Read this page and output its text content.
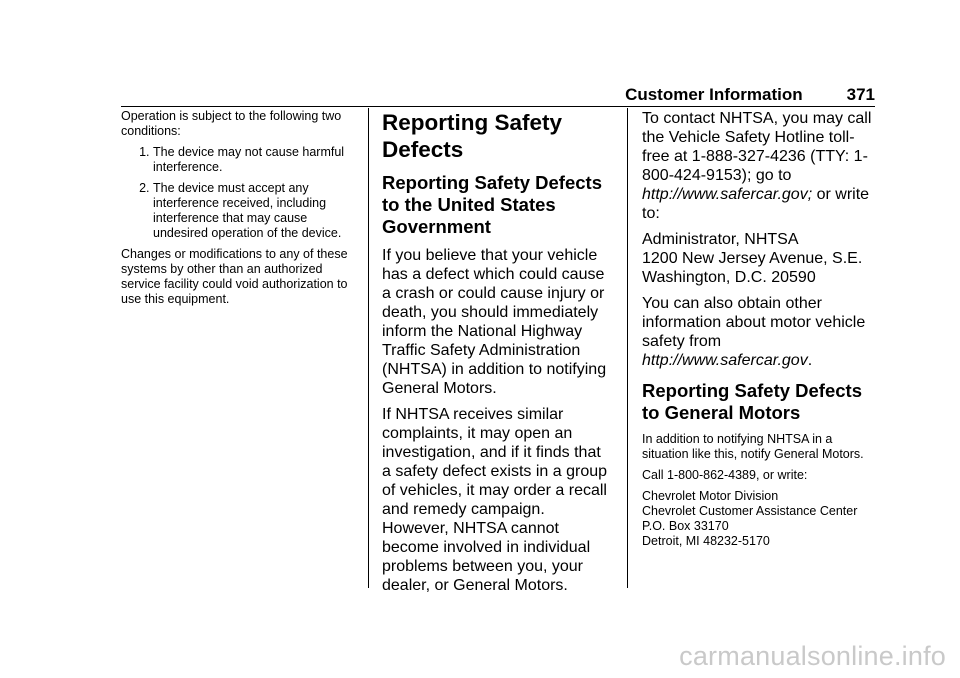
Customer Information	371

Operation is subject to the following two conditions:

1. The device may not cause harmful interference.
2. The device must accept any interference received, including interference that may cause undesired operation of the device.

Changes or modifications to any of these systems by other than an authorized service facility could void authorization to use this equipment.

Reporting Safety Defects
Reporting Safety Defects to the United States Government

If you believe that your vehicle has a defect which could cause a crash or could cause injury or death, you should immediately inform the National Highway Traffic Safety Administration (NHTSA) in addition to notifying General Motors.

If NHTSA receives similar complaints, it may open an investigation, and if it finds that a safety defect exists in a group of vehicles, it may order a recall and remedy campaign. However, NHTSA cannot become involved in individual problems between you, your dealer, or General Motors.

To contact NHTSA, you may call the Vehicle Safety Hotline toll-free at 1-888-327-4236 (TTY: 1-800-424-9153); go to http://www.safercar.gov; or write to:

Administrator, NHTSA
1200 New Jersey Avenue, S.E.
Washington, D.C. 20590

You can also obtain other information about motor vehicle safety from http://www.safercar.gov.

Reporting Safety Defects to General Motors

In addition to notifying NHTSA in a situation like this, notify General Motors.

Call 1-800-862-4389, or write:

Chevrolet Motor Division
Chevrolet Customer Assistance Center
P.O. Box 33170
Detroit, MI 48232-5170

carmanualsonline.info
